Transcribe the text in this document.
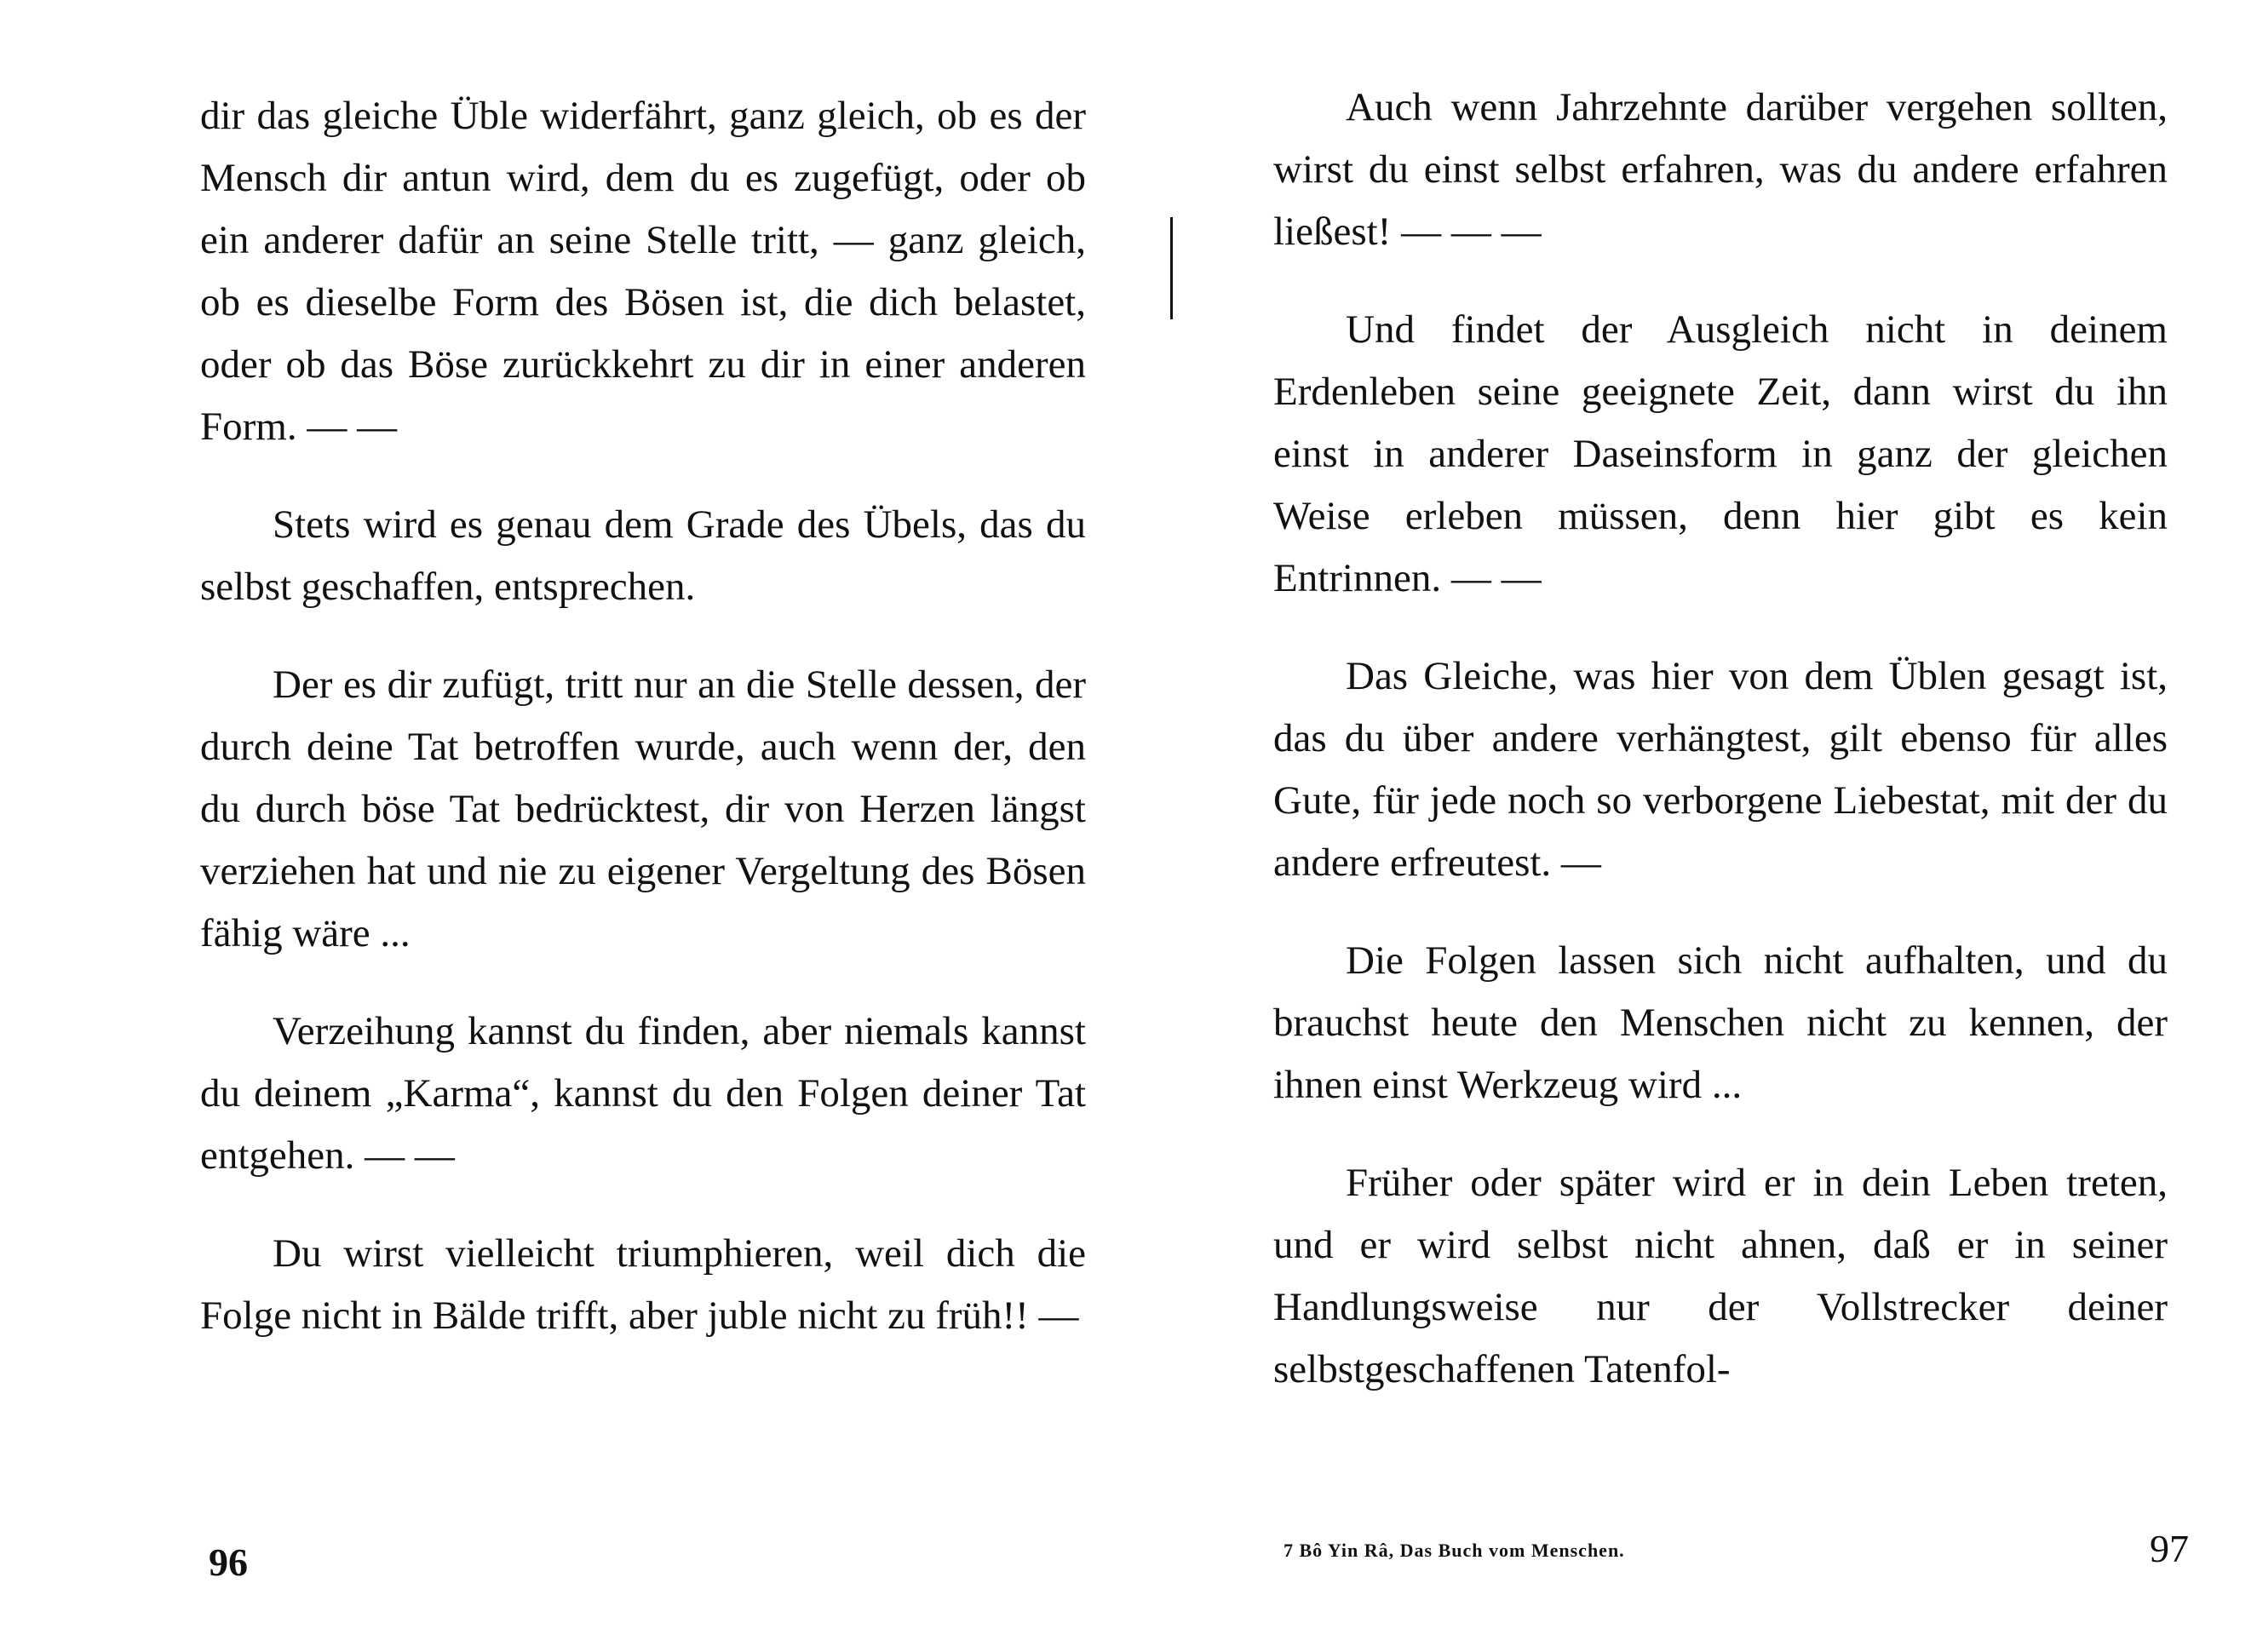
dir das gleiche Üble widerfährt, ganz gleich, ob es der Mensch dir antun wird, dem du es zugefügt, oder ob ein anderer dafür an seine Stelle tritt, — ganz gleich, ob es dieselbe Form des Bösen ist, die dich belastet, oder ob das Böse zurückkehrt zu dir in einer anderen Form. — —

Stets wird es genau dem Grade des Übels, das du selbst geschaffen, entsprechen.

Der es dir zufügt, tritt nur an die Stelle dessen, der durch deine Tat betroffen wurde, auch wenn der, den du durch böse Tat bedrücktest, dir von Herzen längst verziehen hat und nie zu eigener Vergeltung des Bösen fähig wäre ...

Verzeihung kannst du finden, aber niemals kannst du deinem „Karma“, kannst du den Folgen deiner Tat entgehen. — —

Du wirst vielleicht triumphieren, weil dich die Folge nicht in Bälde trifft, aber juble nicht zu früh!! —

96

Auch wenn Jahrzehnte darüber vergehen sollten, wirst du einst selbst erfahren, was du andere erfahren ließest! — — —

Und findet der Ausgleich nicht in deinem Erdenleben seine geeignete Zeit, dann wirst du ihn einst in anderer Daseinsform in ganz der gleichen Weise erleben müssen, denn hier gibt es kein Entrinnen. — —

Das Gleiche, was hier von dem Üblen gesagt ist, das du über andere verhängtest, gilt ebenso für alles Gute, für jede noch so verborgene Liebestat, mit der du andere erfreutest. —

Die Folgen lassen sich nicht aufhalten, und du brauchst heute den Menschen nicht zu kennen, der ihnen einst Werkzeug wird ...

Früher oder später wird er in dein Leben treten, und er wird selbst nicht ahnen, daß er in seiner Handlungsweise nur der Vollstrecker deiner selbstgeschaffenen Tatenfol-

7 Bô Yin Râ, Das Buch vom Menschen.	97
